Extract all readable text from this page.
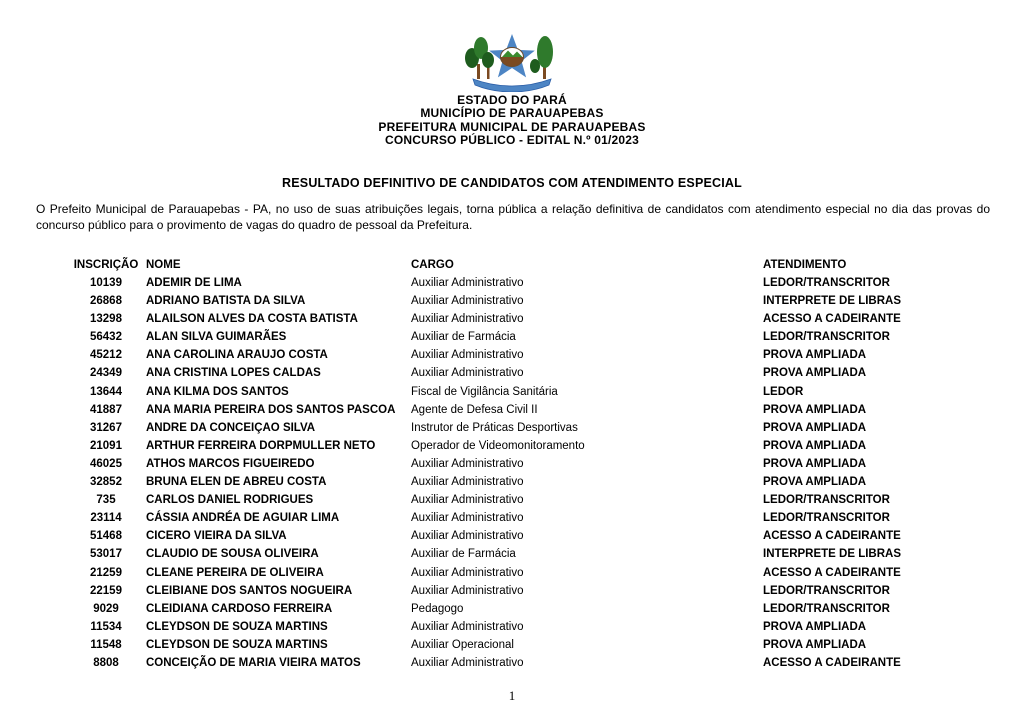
ESTADO DO PARÁ
MUNICÍPIO DE PARAUAPEBAS
PREFEITURA MUNICIPAL DE PARAUAPEBAS
CONCURSO PÚBLICO - EDITAL N.º 01/2023
RESULTADO DEFINITIVO DE CANDIDATOS COM ATENDIMENTO ESPECIAL

O Prefeito Municipal de Parauapebas - PA, no uso de suas atribuições legais, torna pública a relação definitiva de candidatos com atendimento especial no dia das provas do concurso público para o provimento de vagas do quadro de pessoal da Prefeitura.

INSCRIÇÃO NOME	CARGO	ATENDIMENTO
10139	ADEMIR DE LIMA	Auxiliar Administrativo	LEDOR/TRANSCRITOR
26868	ADRIANO BATISTA DA SILVA	Auxiliar Administrativo	INTERPRETE DE LIBRAS
13298	ALAILSON ALVES DA COSTA BATISTA	Auxiliar Administrativo	ACESSO A CADEIRANTE
56432	ALAN SILVA GUIMARÃES	Auxiliar de Farmácia	LEDOR/TRANSCRITOR
45212	ANA CAROLINA ARAUJO COSTA	Auxiliar Administrativo	PROVA AMPLIADA
24349	ANA CRISTINA LOPES CALDAS	Auxiliar Administrativo	PROVA AMPLIADA
13644	ANA KILMA DOS SANTOS	Fiscal de Vigilância Sanitária	LEDOR
41887	ANA MARIA PEREIRA DOS SANTOS PASCOA	Agente de Defesa Civil II	PROVA AMPLIADA
31267	ANDRE DA CONCEIÇAO SILVA	Instrutor de Práticas Desportivas	PROVA AMPLIADA
21091	ARTHUR FERREIRA DORPMULLER NETO	Operador de Videomonitoramento	PROVA AMPLIADA
46025	ATHOS MARCOS FIGUEIREDO	Auxiliar Administrativo	PROVA AMPLIADA
32852	BRUNA ELEN DE ABREU COSTA	Auxiliar Administrativo	PROVA AMPLIADA
735	CARLOS DANIEL RODRIGUES	Auxiliar Administrativo	LEDOR/TRANSCRITOR
23114	CÁSSIA ANDRÉA DE AGUIAR LIMA	Auxiliar Administrativo	LEDOR/TRANSCRITOR
51468	CICERO VIEIRA DA SILVA	Auxiliar Administrativo	ACESSO A CADEIRANTE
53017	CLAUDIO DE SOUSA OLIVEIRA	Auxiliar de Farmácia	INTERPRETE DE LIBRAS
21259	CLEANE PEREIRA DE OLIVEIRA	Auxiliar Administrativo	ACESSO A CADEIRANTE
22159	CLEIBIANE DOS SANTOS NOGUEIRA	Auxiliar Administrativo	LEDOR/TRANSCRITOR
9029	CLEIDIANA CARDOSO FERREIRA	Pedagogo	LEDOR/TRANSCRITOR
11534	CLEYDSON DE SOUZA MARTINS	Auxiliar Administrativo	PROVA AMPLIADA
11548	CLEYDSON DE SOUZA MARTINS	Auxiliar Operacional	PROVA AMPLIADA
8808	CONCEIÇÃO DE MARIA VIEIRA MATOS	Auxiliar Administrativo	ACESSO A CADEIRANTE
1
